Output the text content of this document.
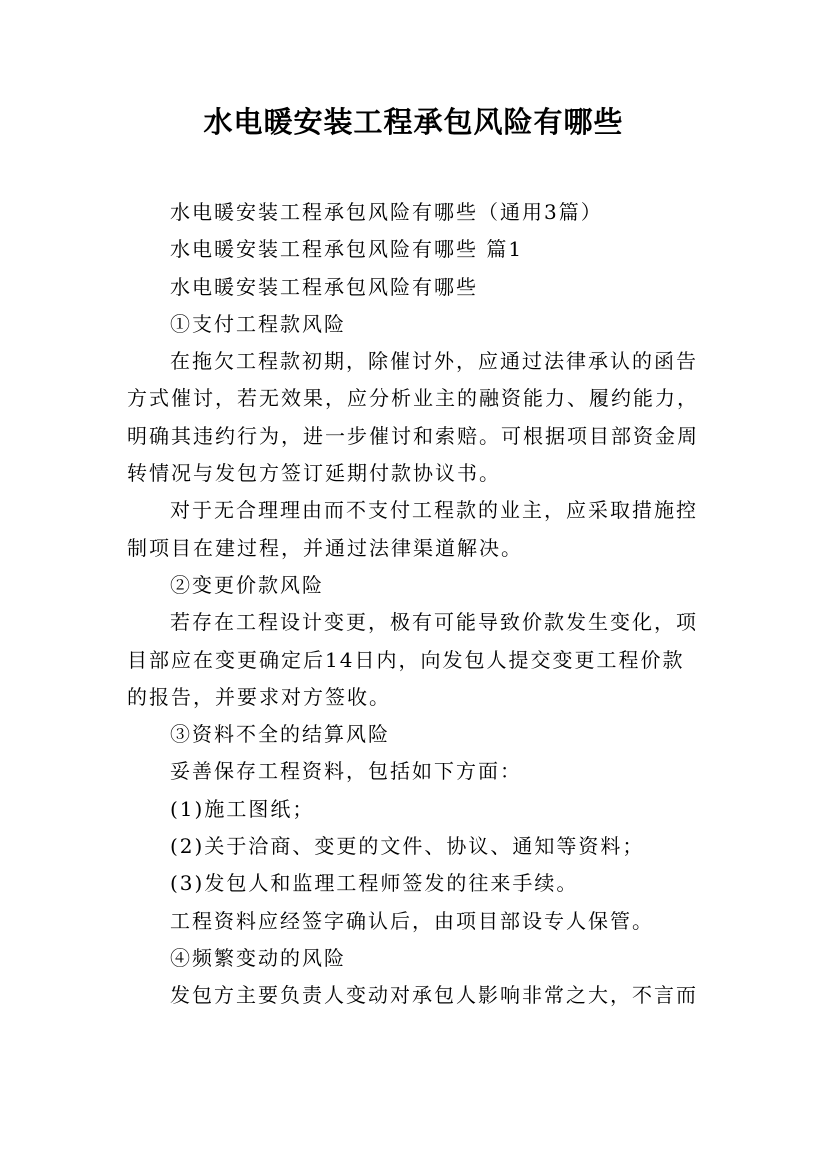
水电暖安装工程承包风险有哪些

水电暖安装工程承包风险有哪些（通用3篇）

水电暖安装工程承包风险有哪些 篇1

水电暖安装工程承包风险有哪些

①支付工程款风险

在拖欠工程款初期，除催讨外，应通过法律承认的函告

方式催讨，若无效果，应分析业主的融资能力、履约能力，

明确其违约行为，进一步催讨和索赔。可根据项目部资金周

转情况与发包方签订延期付款协议书。

对于无合理理由而不支付工程款的业主，应采取措施控

制项目在建过程，并通过法律渠道解决。

②变更价款风险

若存在工程设计变更，极有可能导致价款发生变化，项

目部应在变更确定后14日内，向发包人提交变更工程价款

的报告，并要求对方签收。

③资料不全的结算风险

妥善保存工程资料，包括如下方面：

(1)施工图纸；

(2)关于洽商、变更的文件、协议、通知等资料；

(3)发包人和监理工程师签发的往来手续。

工程资料应经签字确认后，由项目部设专人保管。

④频繁变动的风险

发包方主要负责人变动对承包人影响非常之大，不言而
